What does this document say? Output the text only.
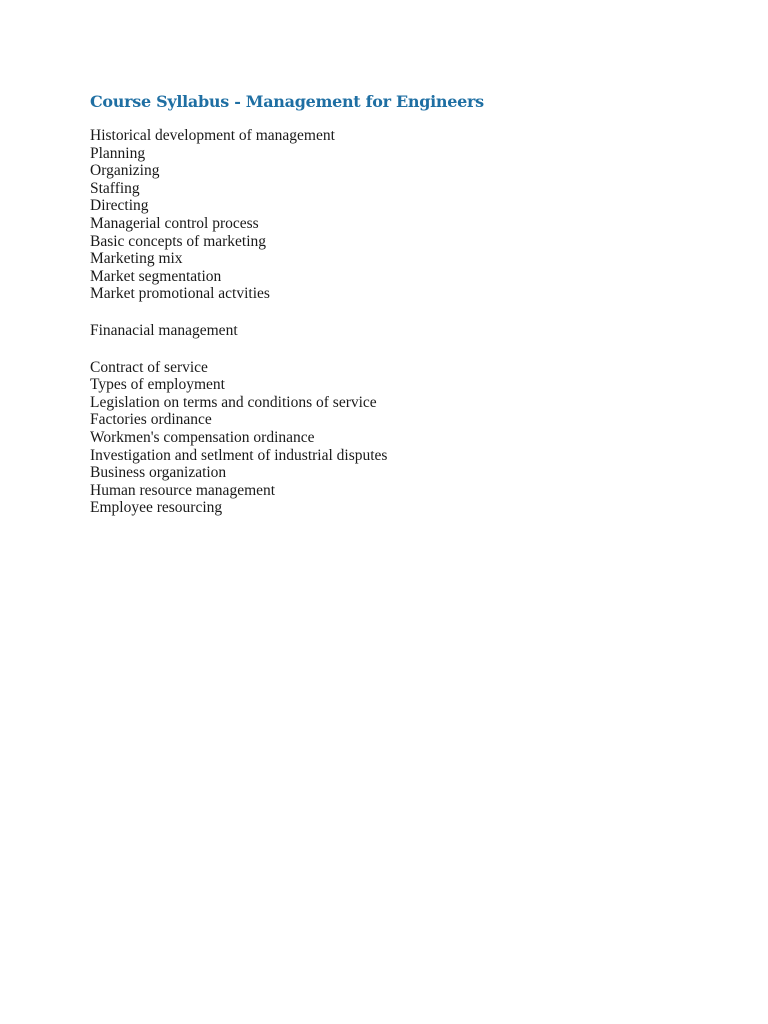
Course Syllabus - Management for Engineers
Historical development of management
Planning
Organizing
Staffing
Directing
Managerial control process
Basic concepts of marketing
Marketing mix
Market segmentation
Market promotional actvities
Finanacial management
Contract of service
Types of employment
Legislation on terms and conditions of service
Factories ordinance
Workmen's compensation ordinance
Investigation and setlment of industrial disputes
Business organization
Human resource management
Employee resourcing
